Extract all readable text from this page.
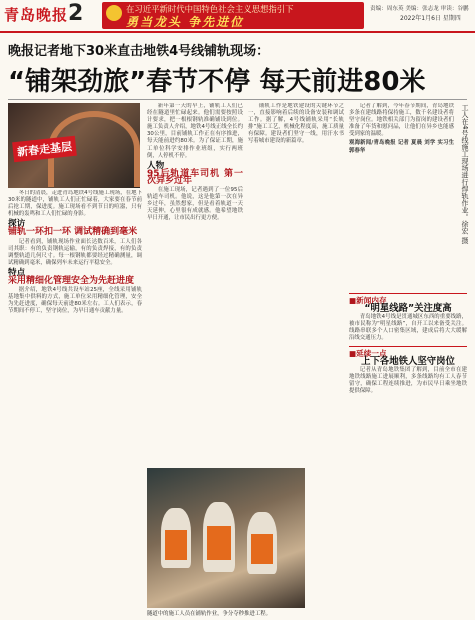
青岛晚报 2	在习近平新时代中国特色社会主义思想指引下
勇当龙头 争先进位
责编：周东英 美编：张志龙 审读：谷鹏
2022年1月6日 星期四
晚报记者地下30米直击地铁4号线铺轨现场：
“铺架劲旅”春节不停 每天前进80米
新春走基层	工人在4号线施工现场进行焊轨作业。徐宏 摄

冬日的清晨，走进青岛地铁4号线施工现场，在地下30米的隧道中，铺轨工人们正忙碌着，大家要在春节前后抢工期，保进度。施工现场看不到节日的喧嚣，只有机械的轰鸣和工人们忙碌的身影。

探访
铺轨一环扣一环 调试精确到毫米

记者看到，铺轨现场作业面长达数百米，工人们各司其职：有的负责钢轨运输，有的负责焊接，有的负责调整轨道几何尺寸。每一根钢轨都要经过精确测量，调试精确到毫米，确保列车未来运行平稳安全。

特点
采用精细化管理安全为先赶进度

据介绍，地铁4号线共设车站25座，全线采用铺轨基地集中供料的方式，施工单位采用精细化管理，安全为先赶进度，确保每天前进80米左右。工人们表示，春节期间不停工，坚守岗位，为早日通车贡献力量。

新年第一天的早上，铺轨工人们已经在隧道里忙碌起来。他们需要按照设计要求，把一根根钢轨准确铺设到位。施工负责人介绍，地铁4号线正线全长约30公里，目前铺轨工作正在有序推进，每天能前进约80米。为了保证工期，施工单位科学安排作业班组，实行两班倒，人停机不停。

人物
95后轨道车司机 第一次异乡过年

在施工现场，记者遇到了一位95后轨道车司机。他说，这是他第一次在异乡过年，虽然想家，但是看着轨道一天天延伸，心里很有成就感。他希望地铁早日开通，让市民出行更方便。

铺轨工作是地铁建设的关键环节之一，直接影响着后续的设备安装和调试工作。据了解，4号线铺轨采用“长轨排”施工工艺，机械化程度高，施工质量有保障。建设者们坚守一线，用汗水书写着城市建设的新篇章。

记者了解到，今年春节期间，青岛地铁多条在建线路将保持施工，数千名建设者将坚守岗位。地铁相关部门为留岗的建设者们准备了年货和慰问品，让他们在异乡也能感受到家的温暖。

观海新闻/青岛晚报 记者 夏晨 刘学 实习生 郭春华

■新闻内存
“明星线路”关注度高

青岛地铁4号线是贯通城区东西的重要线路，被市民称为“明星线路”，自开工以来备受关注。线路串联多个人口密集区域，建成后将大大缓解沿线交通压力。

■延续一点
上下各地铁人坚守岗位

记者从青岛地铁集团了解到，目前全市在建地铁线路施工进展顺利，多条线路均有工人春节留守，确保工程连续推进，为市民早日乘坐地铁提供保障。

隧道中的施工人员在铺轨作业，争分夺秒推进工程。
